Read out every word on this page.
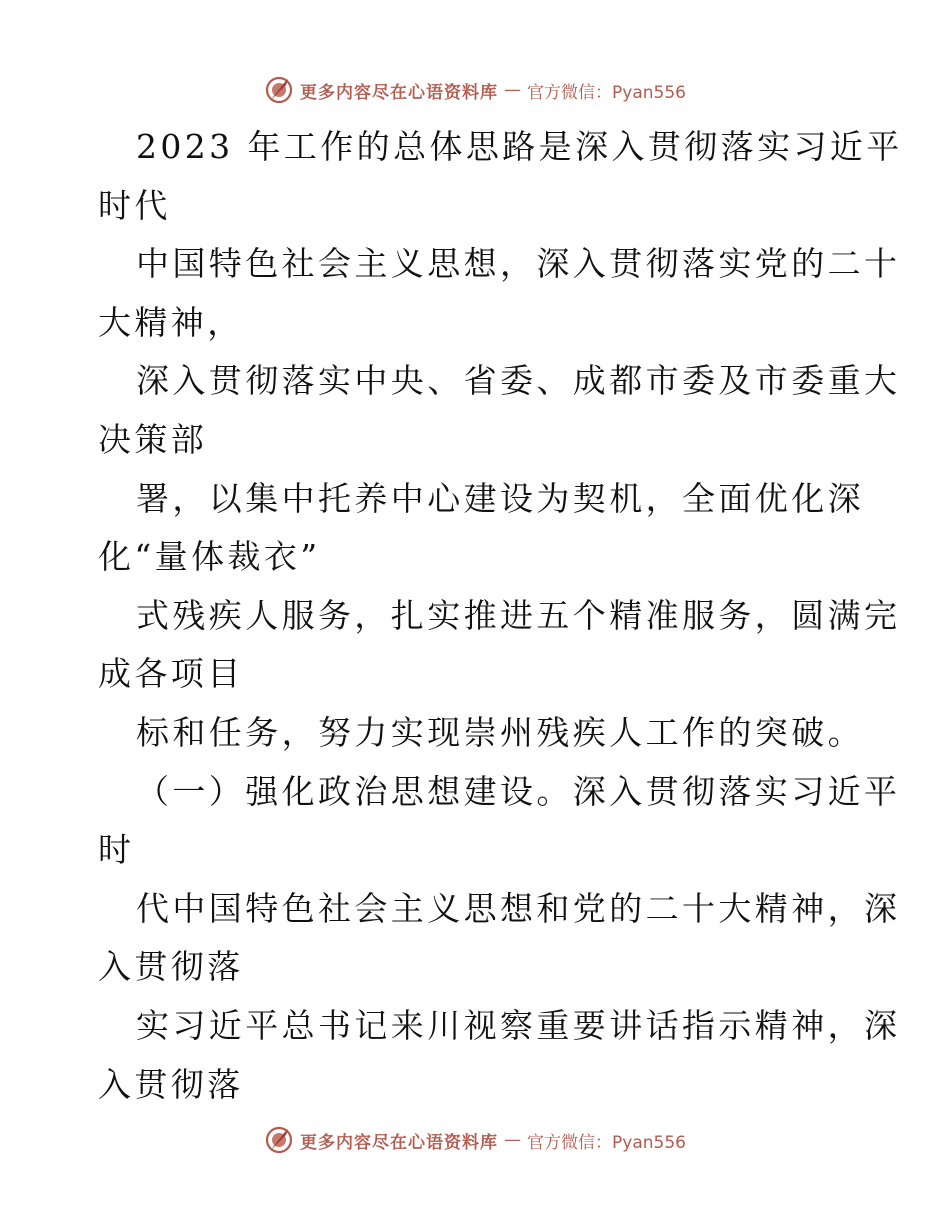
更多内容尽在心语资料库 — 官方微信：Pyan556
2023 年工作的总体思路是深入贯彻落实习近平
时代
中国特色社会主义思想，深入贯彻落实党的二十
大精神，
深入贯彻落实中央、省委、成都市委及市委重大
决策部
署，以集中托养中心建设为契机，全面优化深
化“量体裁衣”
式残疾人服务，扎实推进五个精准服务，圆满完
成各项目
标和任务，努力实现崇州残疾人工作的突破。
（一）强化政治思想建设。深入贯彻落实习近平
时
代中国特色社会主义思想和党的二十大精神，深
入贯彻落
实习近平总书记来川视察重要讲话指示精神，深
入贯彻落
更多内容尽在心语资料库 — 官方微信：Pyan556
